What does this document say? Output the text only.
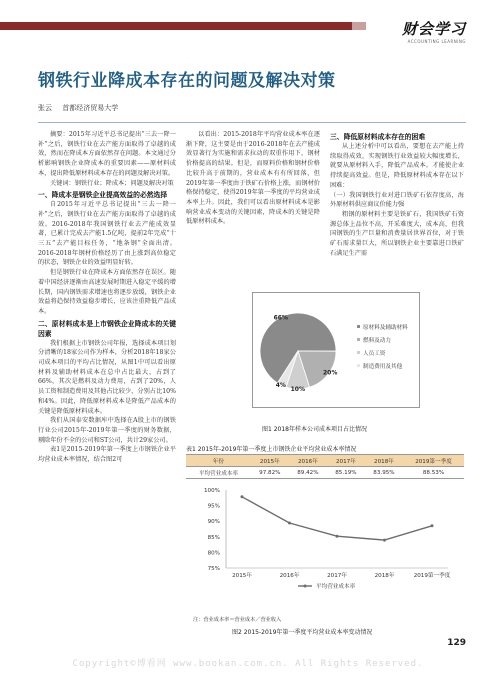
财会学习
ACCOUNTING LEARNING
钢铁行业降成本存在的问题及解决对策
张云 首都经济贸易大学

摘要：2015年习近平总书记提出“三去一降一补”之后，钢铁行业在去产能方面取得了卓越的成效，然而在降成本方面依然存在问题。本文通过分析影响钢铁企业降成本的重要因素——原材料成本，提出降低原材料成本存在的问题及解决对策。

关键词：钢铁行业；降成本；问题及解决对策

一、降成本是钢铁企业提高效益的必然选择

自2015年习近平总书记提出“三去一降一补”之后，钢铁行业在去产能方面取得了卓越的成效。2016-2018年我国钢铁行业去产能成效显著，已累计完成去产能1.5亿吨，提前2年完成“十三五”去产能目标任务，“地条钢”全面出清。2016-2018年钢材价格经历了由上涨到高位稳定的状态，钢铁企业的效益明显好转。

但是钢铁行业在降成本方面依然存在误区。随着中国经济逐渐由高速发展时期进入稳定平缓的增长期，国内钢铁需求增速也将逐步放缓，钢铁企业效益将趋保持效益稳步增长，应该注重降低产品成本。

二、原材料成本是上市钢铁企业降成本的关键因素

我们根据上市钢铁公司年报，选择成本项目划分清晰的18家公司作为样本，分析2018年18家公司成本项目的平均占比情况，从图1中可以看出原材料及辅助材料成本在总中占比最大，占到了66%，其次是燃料及动力费用，占到了20%，人员工资和制造费用及其他占比较少，分别占比10%和4%。因此，降低原材料成本是降低产品成本的关键是降低原材料成本。

我们从国泰安数据库中选择在A股上市的钢铁行业公司2015年-2019年第一季度的财务数据，剔除年份不全的公司和ST公司，共计29家公司。

表1是2015-2019年第一季度上市钢铁企业平均营业成本率情况，结合图2可

以看出：2015-2018年平均营业成本率在逐渐下降，这主要是由于2016-2018年在去产能成效显著行为实施和需求拉动的双重作用下，钢材价格提高的结果。但是，而原料价格和钢材价格比较升高于前期的，营业成本有有所回落，但2019年第一季度由于铁矿石价格上涨，而钢材价格保持稳定，使得2019年第一季度的平均营业成本率上升。因此，我们可以看出原材料成本是影响营业成本变动的关键因素，降成本的关键是降低原材料成本。

三、降低原材料成本存在的困难

从上述分析中可以看出，要想在去产能上持续取得成效，实现钢铁行业效益较大幅度增长，就要从原材料入手，降低产品成本。才能使企业持续提高效益。但是，降低原材料成本存在以下困难：

（一）我国钢铁行业对进口铁矿石依存度高，海外原材料供应商议价能力强

粗钢的原材料主要是铁矿石，我国铁矿石资源总体上品位不高，开采难度大，成本高，但我国钢铁的生产巨量和消费量居世界首位，对于铁矿石需求量巨大，所以钢铁企业主要靠进口铁矿石满足生产需

66%
20%
10%
4%
原材料及辅助材料
燃料及动力
人员工资
制造费用及其他
图1 2018年样本公司成本项目占比情况
表1 2015年-2019年第一季度上市钢铁企业平均营业成本率情况
年份	2015年	2016年	2017年	2018年	2019第一季度
平均营业成本率	97.82%	89.42%	85.19%	83.95%	88.53%
75%
80%
85%
90%
95%
100%
2015年	2016年	2017年	2018年	2019第一季度
平均营业成本率
注：营业成本率＝营业成本／营业收入
图2 2015-2019年第一季度平均营业成本率变动情况
129
Copyright©博看网 www.bookan.com.cn. All Rights Reserved.
